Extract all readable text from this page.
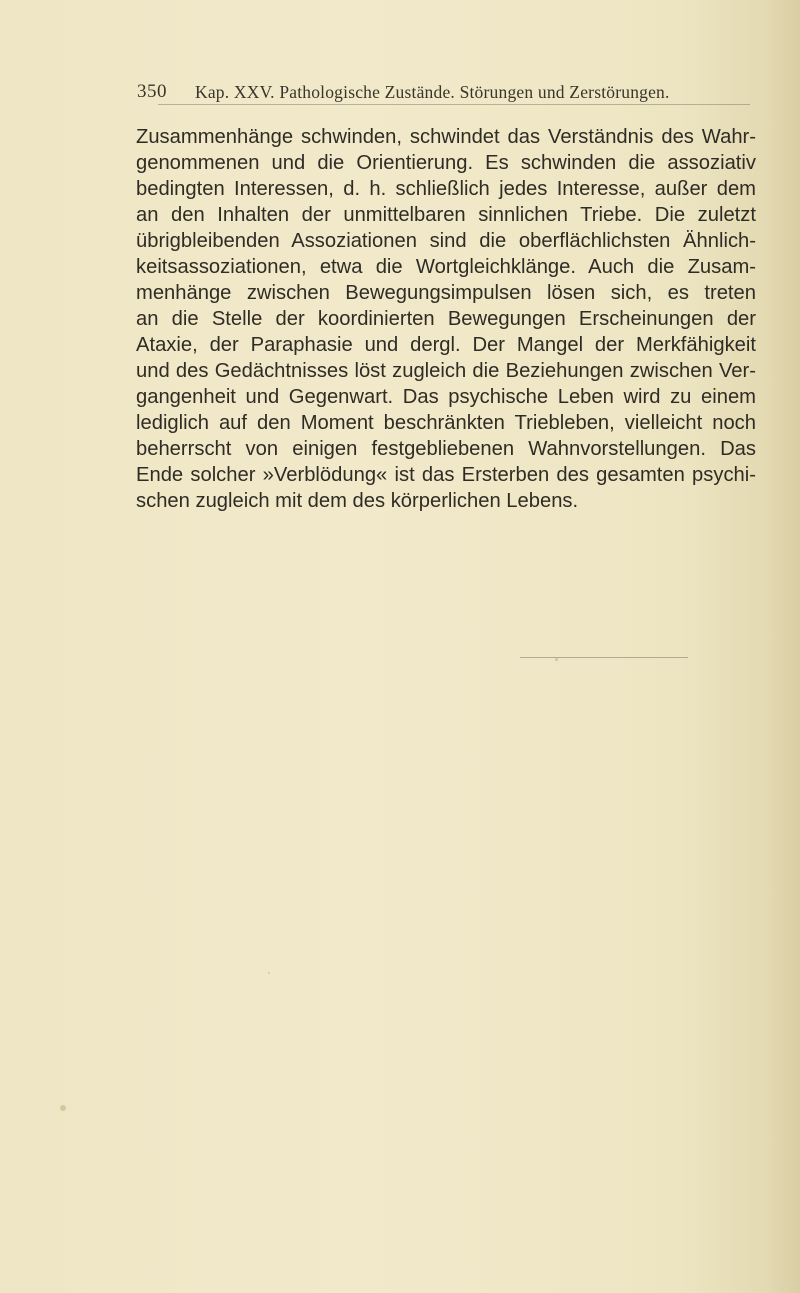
350 Kap. XXV. Pathologische Zustände. Störungen und Zerstörungen.
Zusammenhänge schwinden, schwindet das Verständnis des Wahr-
genommenen und die Orientierung. Es schwinden die assoziativ
bedingten Interessen, d. h. schließlich jedes Interesse, außer dem
an den Inhalten der unmittelbaren sinnlichen Triebe. Die zuletzt
übrigbleibenden Assoziationen sind die oberflächlichsten Ähnlich-
keitsassoziationen, etwa die Wortgleichklänge. Auch die Zusam-
menhänge zwischen Bewegungsimpulsen lösen sich, es treten
an die Stelle der koordinierten Bewegungen Erscheinungen der
Ataxie, der Paraphasie und dergl. Der Mangel der Merkfähigkeit
und des Gedächtnisses löst zugleich die Beziehungen zwischen Ver-
gangenheit und Gegenwart. Das psychische Leben wird zu einem
lediglich auf den Moment beschränkten Triebleben, vielleicht noch
beherrscht von einigen festgebliebenen Wahnvorstellungen. Das
Ende solcher »Verblödung« ist das Ersterben des gesamten psychi-
schen zugleich mit dem des körperlichen Lebens.
